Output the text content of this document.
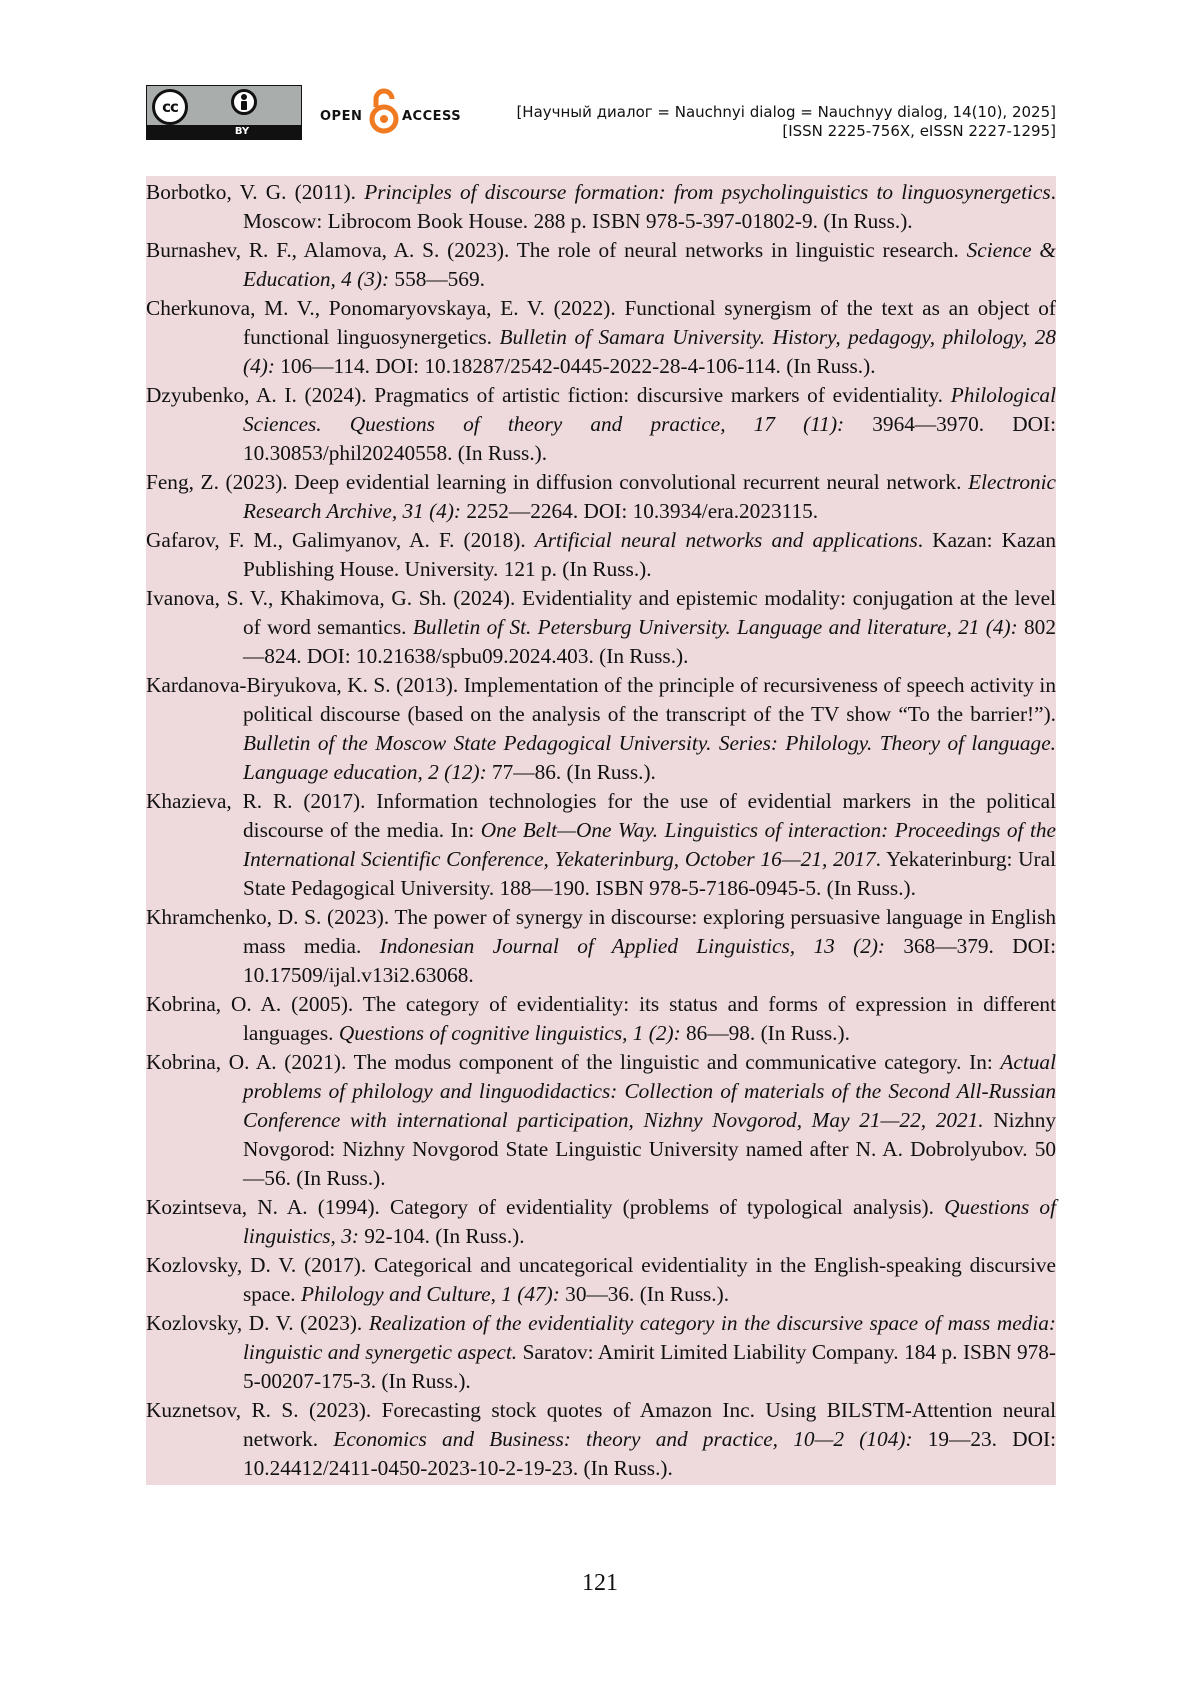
cc
BY
OPEN	ACCESS	[Научный диалог = Nauchnyi dialog = Nauchnyy dialog, 14(10), 2025]
[ISSN 2225-756X, eISSN 2227-1295]

Borbotko, V. G. (2011). Principles of discourse formation: from psycholinguistics to linguosynergetics. Moscow: Librocom Book House. 288 p. ISBN 978-5-397-01802-9. (In Russ.).

Burnashev, R. F., Alamova, A. S. (2023). The role of neural networks in linguistic research. Science & Education, 4 (3): 558—569.

Cherkunova, M. V., Ponomaryovskaya, E. V. (2022). Functional synergism of the text as an object of functional linguosynergetics. Bulletin of Samara University. History, pedagogy, philology, 28 (4): 106—114. DOI: 10.18287/2542-0445-2022-28-4-106-114. (In Russ.).

Dzyubenko, A. I. (2024). Pragmatics of artistic fiction: discursive markers of evidentiality. Philological Sciences. Questions of theory and practice, 17 (11): 3964—3970. DOI: 10.30853/phil20240558. (In Russ.).

Feng, Z. (2023). Deep evidential learning in diffusion convolutional recurrent neural network. Electronic Research Archive, 31 (4): 2252—2264. DOI: 10.3934/era.2023115.

Gafarov, F. M., Galimyanov, A. F. (2018). Artificial neural networks and applications. Kazan: Kazan Publishing House. University. 121 p. (In Russ.).

Ivanova, S. V., Khakimova, G. Sh. (2024). Evidentiality and epistemic modality: conjugation at the level of word semantics. Bulletin of St. Petersburg University. Language and literature, 21 (4): 802—824. DOI: 10.21638/spbu09.2024.403. (In Russ.).

Kardanova-Biryukova, K. S. (2013). Implementation of the principle of recursiveness of speech activity in political discourse (based on the analysis of the transcript of the TV show “To the barrier!”). Bulletin of the Moscow State Pedagogical University. Series: Philology. Theory of language. Language education, 2 (12): 77—86. (In Russ.).

Khazieva, R. R. (2017). Information technologies for the use of evidential markers in the political discourse of the media. In: One Belt—One Way. Linguistics of interaction: Proceedings of the International Scientific Conference, Yekaterinburg, October 16—21, 2017. Yekaterinburg: Ural State Pedagogical University. 188—190. ISBN 978-5-7186-0945-5. (In Russ.).

Khramchenko, D. S. (2023). The power of synergy in discourse: exploring persuasive language in English mass media. Indonesian Journal of Applied Linguistics, 13 (2): 368—379. DOI: 10.17509/ijal.v13i2.63068.

Kobrina, O. A. (2005). The category of evidentiality: its status and forms of expression in different languages. Questions of cognitive linguistics, 1 (2): 86—98. (In Russ.).

Kobrina, O. A. (2021). The modus component of the linguistic and communicative category. In: Actual problems of philology and linguodidactics: Collection of materials of the Second All-Russian Conference with international participation, Nizhny Novgorod, May 21—22, 2021. Nizhny Novgorod: Nizhny Novgorod State Linguistic University named after N. A. Dobrolyubov. 50—56. (In Russ.).

Kozintseva, N. A. (1994). Category of evidentiality (problems of typological analysis). Questions of linguistics, 3: 92-104. (In Russ.).

Kozlovsky, D. V. (2017). Categorical and uncategorical evidentiality in the English-speaking discursive space. Philology and Culture, 1 (47): 30—36. (In Russ.).

Kozlovsky, D. V. (2023). Realization of the evidentiality category in the discursive space of mass media: linguistic and synergetic aspect. Saratov: Amirit Limited Liability Company. 184 p. ISBN 978-5-00207-175-3. (In Russ.).

Kuznetsov, R. S. (2023). Forecasting stock quotes of Amazon Inc. Using BILSTM-Attention neural network. Economics and Business: theory and practice, 10—2 (104): 19—23. DOI: 10.24412/2411-0450-2023-10-2-19-23. (In Russ.).

121
